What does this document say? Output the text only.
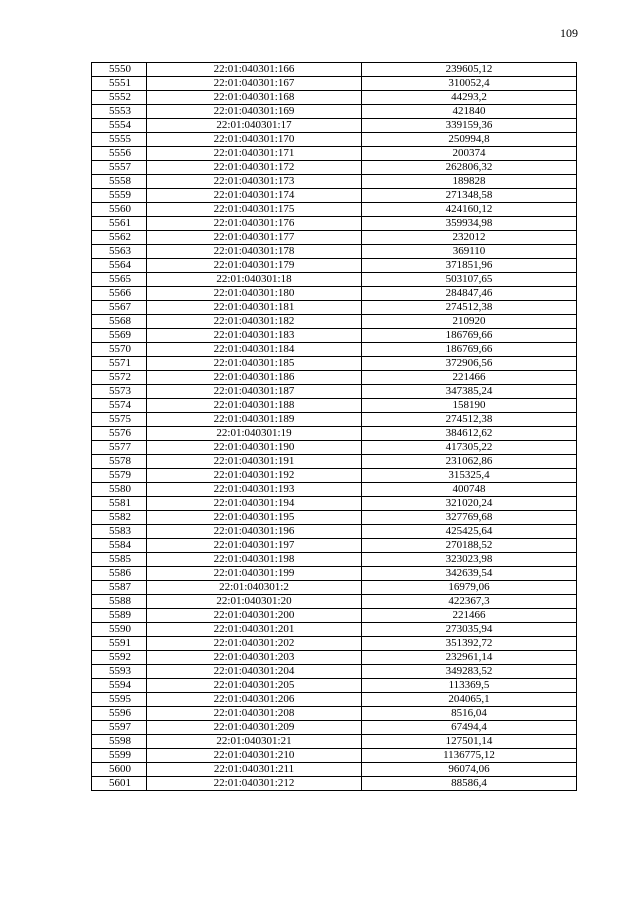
109
5550	22:01:040301:166	239605,12
5551	22:01:040301:167	310052,4
5552	22:01:040301:168	44293,2
5553	22:01:040301:169	421840
5554	22:01:040301:17	339159,36
5555	22:01:040301:170	250994,8
5556	22:01:040301:171	200374
5557	22:01:040301:172	262806,32
5558	22:01:040301:173	189828
5559	22:01:040301:174	271348,58
5560	22:01:040301:175	424160,12
5561	22:01:040301:176	359934,98
5562	22:01:040301:177	232012
5563	22:01:040301:178	369110
5564	22:01:040301:179	371851,96
5565	22:01:040301:18	503107,65
5566	22:01:040301:180	284847,46
5567	22:01:040301:181	274512,38
5568	22:01:040301:182	210920
5569	22:01:040301:183	186769,66
5570	22:01:040301:184	186769,66
5571	22:01:040301:185	372906,56
5572	22:01:040301:186	221466
5573	22:01:040301:187	347385,24
5574	22:01:040301:188	158190
5575	22:01:040301:189	274512,38
5576	22:01:040301:19	384612,62
5577	22:01:040301:190	417305,22
5578	22:01:040301:191	231062,86
5579	22:01:040301:192	315325,4
5580	22:01:040301:193	400748
5581	22:01:040301:194	321020,24
5582	22:01:040301:195	327769,68
5583	22:01:040301:196	425425,64
5584	22:01:040301:197	270188,52
5585	22:01:040301:198	323023,98
5586	22:01:040301:199	342639,54
5587	22:01:040301:2	16979,06
5588	22:01:040301:20	422367,3
5589	22:01:040301:200	221466
5590	22:01:040301:201	273035,94
5591	22:01:040301:202	351392,72
5592	22:01:040301:203	232961,14
5593	22:01:040301:204	349283,52
5594	22:01:040301:205	113369,5
5595	22:01:040301:206	204065,1
5596	22:01:040301:208	8516,04
5597	22:01:040301:209	67494,4
5598	22:01:040301:21	127501,14
5599	22:01:040301:210	1136775,12
5600	22:01:040301:211	96074,06
5601	22:01:040301:212	88586,4
